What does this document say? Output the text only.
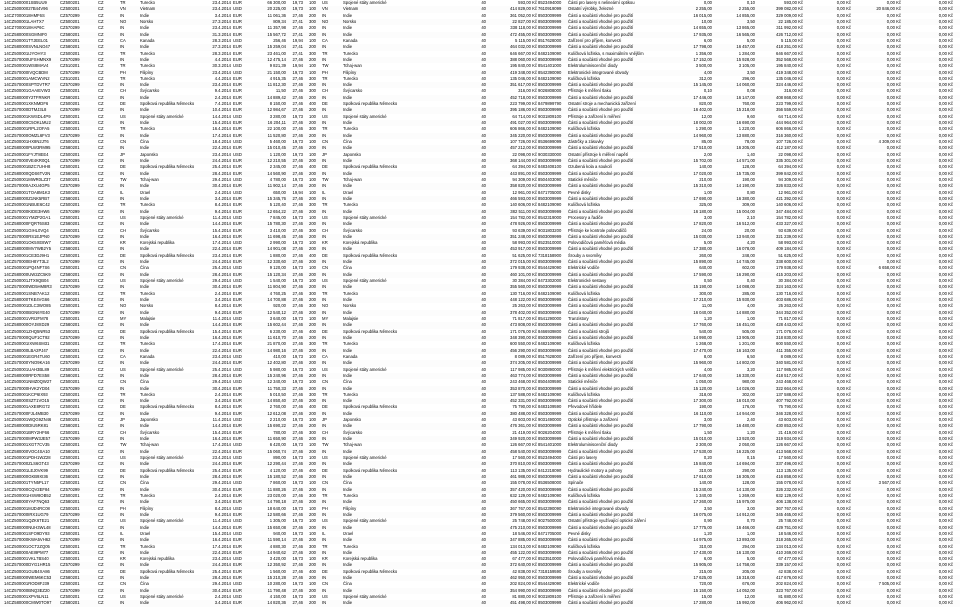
14CZ5000001SB5UU9	CZ500201	CZ	TR	Turecko	23.4.2014 EUR	66 300,00	19,73	100 US	Spojené státy americké	40	593,00 Kč 8523494000	Části pro lasery s nelineární optikou	0,00	0,10	593,00 Kč	0,00 Kč	0,00 Kč	0,00 Kč
14CZ50000027B44V96	CZ500201	CZ	VN	Vietnam	23.4.2014 USD	20 225,00	19,73	100 VN	Vietnam	40	414 829,00 Kč 7610919099	Ostatní výrobky, železné	2 255,00	2 255,00	399 082,00 Kč	0,00 Kč	20 846,00 Kč	0,00 Kč
14CZ7000018HMF6S	CZ570299	CZ	IN	Indie	3.4.2014 EUR	11 061,36	27,46	200 IN	Indie	40	361 052,00 Kč 8503009999	Části a součásti vhodné pro použití	16 015,00	14 855,00	329 009,00 Kč	0,00 Kč	0,00 Kč	0,00 Kč
14CZ500001LAHTX7	CZ500201	CZ	NO	Norsko	27.3.2014 EUR	809,34	27,41	300 NO	Norsko	40	22 827,00 Kč 8503009999	Části a součásti vhodné pro použití	10,00	3,50	22 185,00 Kč	0,00 Kč	0,00 Kč	0,00 Kč
14CZ7000018HAP6C	CZ570299	CZ	IN	Indie	23.4.2014 EUR	11 357,98	27,46	200 IN	Indie	40	338 118,00 Kč 8503009999	Části a součásti vhodné pro použití	14 655,00	13 865,00	311 992,00 Kč	0,00 Kč	0,00 Kč	0,00 Kč
14CZ580000SGMNIF0	CZ580201	CZ	IN	Indie	31.3.2014 EUR	15 567,72	27,41	200 IN	Indie	40	472 455,00 Kč 8503009999	Části a součásti vhodné pro použití	17 935,00	16 565,00	426 712,00 Kč	0,00 Kč	0,00 Kč	0,00 Kč
14CZ500001TTJEEL01	CZ500201	CZ	CA	Kanada	28.3.2014 USD	256,46	19,94	100 CA	Kanada	40	5 115,00 Kč 8517628000	Zařízení pro příjem, konverzi	6,00	5,00	5 115,00 Kč	0,00 Kč	0,00 Kč	0,00 Kč
14CZ580000SVNLNO47	CZ580201	CZ	IN	Indie	27.3.2014 EUR	15 259,04	27,41	200 IN	Indie	40	464 032,00 Kč 8503009999	Části a součásti vhodné pro použití	17 798,00	16 457,00	418 251,00 Kč	0,00 Kč	0,00 Kč	0,00 Kč
14CZ500001IJYOHY3	CZ500201	CZ	TR	Turecko	28.3.2014 EUR	23 461,00	27,41	300 TR	Turecko	40	646 667,00 Kč 8482109090	Kuličková ložiska, s maximálním vnějším	1 356,00	1 284,00	646 667,00 Kč	0,00 Kč	0,00 Kč	0,00 Kč
14CZ570000UFSHMNX9	CZ570299	CZ	IN	Indie	4.4.2014 EUR	12 475,14	27,46	200 IN	Indie	40	388 060,00 Kč 8503009999	Části a součásti vhodné pro použití	17 152,00	15 928,00	352 568,00 Kč	0,00 Kč	0,00 Kč	0,00 Kč
14CZ500001WS8MAV4	CZ510201	CZ	TR	Turecko	30.3.2014 USD	9 821,39	19,94	100 TW	Tchaj-wan	40	195 840,00 Kč 8541401000	Elektroluminiscenční diody	3 500,00	3 105,00	195 840,00 Kč	0,00 Kč	0,00 Kč	0,00 Kč
14CZ570000IVQCBDM	CZ570299	CZ	PH	Filipíny	23.4.2014 USD	21 150,00	19,73	100 PH	Filipíny	40	419 348,00 Kč 8542390090	Elektronické integrované obvody	4,00	3,50	419 348,00 Kč	0,00 Kč	0,00 Kč	0,00 Kč
14CZ500001AMCWVN2	CZ510201	CZ	TR	Turecko	4.4.2014 EUR	4 915,35	27,46	300 TR	Turecko	40	135 046,00 Kč 8482109090	Kuličková ložiska	312,00	296,00	135 046,00 Kč	0,00 Kč	0,00 Kč	0,00 Kč
14CZ570000SPTDVTR7	CZ570299	CZ	IN	Indie	23.4.2014 EUR	11 812,30	27,46	200 IN	Indie	40	351 617,00 Kč 8503009999	Části a součásti vhodné pro použití	15 145,00	14 060,00	324 446,00 Kč	0,00 Kč	0,00 Kč	0,00 Kč
14CZ500001GAAIEVW3	CZ500201	CZ	CH	Švýcarsko	9.4.2014 EUR	11,50	27,46	300 CH	Švýcarsko	40	316,00 Kč 9026808000	Přístroje k měření tlaku	0,10	0,08	316,00 Kč	0,00 Kč	0,00 Kč	0,00 Kč
14CZ580000Y2TFRNKR	CZ580201	CZ	IN	Indie	2.4.2014 EUR	14 889,42	27,46	200 IN	Indie	40	452 718,00 Kč 8503009999	Části a součásti vhodné pro použití	17 446,00	16 147,00	408 868,00 Kč	0,00 Kč	0,00 Kč	0,00 Kč
14CZ500001XKNMDF6	CZ500201	CZ	DE	Spolková republika Německo	7.4.2014 EUR	8 150,00	27,46	400 DE	Spolková republika Německo	40	223 799,00 Kč 8479899790	Ostatní stroje a mechanická zařízení	820,00	760,00	223 799,00 Kč	0,00 Kč	0,00 Kč	0,00 Kč
14CZ570000DTMJ3L8	CZ570299	CZ	IN	Indie	10.4.2014 EUR	12 984,67	27,46	200 IN	Indie	40	395 186,00 Kč 8503009999	Části a součásti vhodné pro použití	16 402,00	15 218,00	356 559,00 Kč	0,00 Kč	0,00 Kč	0,00 Kč
14CZ500001KWSDL4P9	CZ500201	CZ	US	Spojené státy americké	14.4.2014 USD	3 280,00	19,73	100 US	Spojené státy americké	40	64 714,00 Kč 9031809100	Přístroje a zařízení k měření	12,00	9,60	64 714,00 Kč	0,00 Kč	0,00 Kč	0,00 Kč
14CZ580000C5OKLMU2	CZ580201	CZ	IN	Indie	15.4.2014 EUR	16 204,11	27,46	200 IN	Indie	40	491 027,00 Kč 8503009999	Části a součásti vhodné pro použití	18 002,00	16 690,00	444 964,00 Kč	0,00 Kč	0,00 Kč	0,00 Kč
14CZ500001RPL2OFA5	CZ500201	CZ	TR	Turecko	16.4.2014 EUR	22 100,00	27,46	300 TR	Turecko	40	606 866,00 Kč 8482109090	Kuličková ložiska	1 290,00	1 220,00	606 866,00 Kč	0,00 Kč	0,00 Kč	0,00 Kč
14CZ570000OMZL6FV3	CZ570299	CZ	IN	Indie	17.4.2014 EUR	11 520,80	27,46	200 IN	Indie	40	345 220,00 Kč 8503009999	Části a součásti vhodné pro použití	14 960,00	13 880,00	316 360,00 Kč	0,00 Kč	0,00 Kč	0,00 Kč
14CZ500001HX8N2JT6	CZ500201	CZ	CN	Čína	18.4.2014 USD	5 460,00	19,73	100 CN	Čína	40	107 726,00 Kč 8536699099	Zástrčky a zásuvky	85,00	78,00	107 726,00 Kč	0,00 Kč	4 309,00 Kč	0,00 Kč
14CZ580000PLW3RM95	CZ580201	CZ	IN	Indie	22.4.2014 EUR	15 010,45	27,46	200 IN	Indie	40	457 212,00 Kč 8503009999	Části a součásti vhodné pro použití	17 510,00	16 205,00	412 187,00 Kč	0,00 Kč	0,00 Kč	0,00 Kč
14CZ500001FYJT8EE4	CZ500201	CZ	JP	Japonsko	23.4.2014 USD	1 120,00	19,73	100 JP	Japonsko	40	22 098,00 Kč 9030330000	Ostatní přístroje k měření napětí	2,00	1,40	22 098,00 Kč	0,00 Kč	0,00 Kč	0,00 Kč
14CZ570000VE4KR0Q1	CZ570299	CZ	IN	Indie	24.4.2014 EUR	12 210,55	27,46	200 IN	Indie	40	368 144,00 Kč 8503009999	Části a součásti vhodné pro použití	15 702,00	14 571,00	335 301,00 Kč	0,00 Kč	0,00 Kč	0,00 Kč
14CZ500001BZC7UHH8	CZ500201	CZ	DE	Spolková republika Německo	25.4.2014 EUR	2 345,00	27,46	400 DE	Spolková republika Německo	40	64 394,00 Kč 8483408100	Ozubená kola a soukolí	140,00	128,00	64 394,00 Kč	0,00 Kč	0,00 Kč	0,00 Kč
14CZ580000QDS6TV2N	CZ580201	CZ	IN	Indie	28.4.2014 EUR	14 560,90	27,46	200 IN	Indie	40	443 891,00 Kč 8503009999	Části a součásti vhodné pro použití	17 020,00	15 735,00	399 842,00 Kč	0,00 Kč	0,00 Kč	0,00 Kč
14CZ500001MWR0LZ37	CZ500201	CZ	TW	Tchaj-wan	29.4.2014 USD	4 780,00	19,73	100 TW	Tchaj-wan	40	94 309,00 Kč 8504403090	Statické měniče	210,00	190,00	94 309,00 Kč	0,00 Kč	0,00 Kč	0,00 Kč
14CZ570000AJXU4GP5	CZ570299	CZ	IN	Indie	30.4.2014 EUR	11 902,14	27,46	200 IN	Indie	40	358 820,00 Kč 8503009999	Části a součásti vhodné pro použití	15 310,00	14 190,00	326 833,00 Kč	0,00 Kč	0,00 Kč	0,00 Kč
14CZ500001TOA8M1K3	CZ500201	CZ	IL	Izrael	2.4.2014 USD	650,00	19,94	100 IL	Izrael	40	12 961,00 Kč 8471705000	Pevné disky	1,00	0,80	12 961,00 Kč	0,00 Kč	0,00 Kč	0,00 Kč
14CZ580000Z1NK5RB7	CZ580201	CZ	IN	Indie	3.4.2014 EUR	15 345,76	27,46	200 IN	Indie	40	466 593,00 Kč 8503009999	Části a součásti vhodné pro použití	17 690,00	16 380,00	421 392,00 Kč	0,00 Kč	0,00 Kč	0,00 Kč
14CZ500001NBUE6C42	CZ500201	CZ	TR	Turecko	8.4.2014 EUR	5 120,40	27,46	300 TR	Turecko	40	140 606,00 Kč 8482109090	Kuličková ložiska	325,00	309,00	140 606,00 Kč	0,00 Kč	0,00 Kč	0,00 Kč
14CZ570000KIDE3HW6	CZ570299	CZ	IN	Indie	9.4.2014 EUR	12 654,22	27,46	200 IN	Indie	40	382 511,00 Kč 8503009999	Části a součásti vhodné pro použití	16 180,00	15 004,00	347 484,00 Kč	0,00 Kč	0,00 Kč	0,00 Kč
14CZ500001YMZP2GA1	CZ500201	CZ	US	Spojené státy americké	11.4.2014 USD	7 845,00	19,73	100 US	Spojené státy americké	40	154 782,00 Kč 8542319000	Procesory a řadiče	3,00	2,10	154 782,00 Kč	0,00 Kč	0,00 Kč	0,00 Kč
14CZ580000FQRT6S83	CZ580201	CZ	IN	Indie	14.4.2014 EUR	15 780,30	27,46	200 IN	Indie	40	478 926,00 Kč 8503009999	Části a součásti vhodné pro použití	17 820,00	16 512,00	433 327,00 Kč	0,00 Kč	0,00 Kč	0,00 Kč
14CZ500001GIHL0VQ4	CZ500201	CZ	CH	Švýcarsko	15.4.2014 EUR	3 410,00	27,46	300 CH	Švýcarsko	40	93 639,00 Kč 9031803200	Přístroje ke kontrole polovodičů	24,00	20,00	93 639,00 Kč	0,00 Kč	0,00 Kč	0,00 Kč
14CZ570000RS1EJPN0	CZ570299	CZ	IN	Indie	16.4.2014 EUR	11 698,45	27,46	200 IN	Indie	40	351 248,00 Kč 8503009999	Části a součásti vhodné pro použití	15 030,00	13 940,00	321 239,00 Kč	0,00 Kč	0,00 Kč	0,00 Kč
14CZ500001OK5XE8W7	CZ500201	CZ	KR	Korejská republika	17.4.2014 USD	2 990,00	19,73	100 KR	Korejská republika	40	58 993,00 Kč 8523510000	Polovodičová paměťová média	5,00	4,20	58 993,00 Kč	0,00 Kč	0,00 Kč	0,00 Kč
14CZ580000MV7WB2Y5	CZ580201	CZ	IN	Indie	22.4.2014 EUR	14 901,08	27,46	200 IN	Indie	40	453 917,00 Kč 8503009999	Části a součásti vhodné pro použití	17 380,00	16 078,00	409 184,00 Kč	0,00 Kč	0,00 Kč	0,00 Kč
14CZ500001CE3DJ9H1	CZ500201	CZ	DE	Spolková republika Německo	23.4.2014 EUR	1 880,00	27,46	400 DE	Spolková republika Německo	40	51 625,00 Kč 7318158900	Šrouby a svorníky	260,00	248,00	51 625,00 Kč	0,00 Kč	0,00 Kč	0,00 Kč
14CZ570000EH8YT3L2	CZ570299	CZ	IN	Indie	24.4.2014 EUR	12 330,60	27,46	200 IN	Indie	40	372 015,00 Kč 8503009999	Části a součásti vhodné pro použití	15 890,00	14 745,00	338 600,00 Kč	0,00 Kč	0,00 Kč	0,00 Kč
14CZ500001PQ4NF7S6	CZ500201	CZ	CN	Čína	25.4.2014 USD	9 120,00	19,73	100 CN	Čína	40	179 938,00 Kč 8544429090	Elektrické vodiče	640,00	602,00	179 938,00 Kč	0,00 Kč	6 658,00 Kč	0,00 Kč
14CZ580000UW2ZC5K9	CZ580201	CZ	IN	Indie	28.4.2014 EUR	15 120,34	27,46	200 IN	Indie	40	460 101,00 Kč 8503009999	Části a součásti vhodné pro použití	17 590,00	16 290,00	415 203,00 Kč	0,00 Kč	0,00 Kč	0,00 Kč
14CZ500001JTX9QB04	CZ500201	CZ	US	Spojené státy americké	29.4.2014 USD	1 540,00	19,73	100 US	Spojené státy americké	40	30 384,00 Kč 8473302000	Elektronické sestavy	0,50	0,40	30 384,00 Kč	0,00 Kč	0,00 Kč	0,00 Kč
14CZ570000WD5HM8R3	CZ570299	CZ	IN	Indie	30.4.2014 EUR	11 804,90	27,46	200 IN	Indie	40	355 560,00 Kč 8503009999	Části a součásti vhodné pro použití	15 190,00	14 088,00	324 163,00 Kč	0,00 Kč	0,00 Kč	0,00 Kč
14CZ500001SNB7AK12	CZ500201	CZ	TR	Turecko	2.4.2014 EUR	4 760,25	27,46	300 TR	Turecko	40	130 716,00 Kč 8482109090	Kuličková ložiska	300,00	285,00	130 716,00 Kč	0,00 Kč	0,00 Kč	0,00 Kč
14CZ580000TKE4VG66	CZ580201	CZ	IN	Indie	3.4.2014 EUR	14 700,88	27,46	200 IN	Indie	40	448 122,00 Kč 8503009999	Části a součásti vhodné pro použití	17 210,00	15 930,00	403 686,00 Kč	0,00 Kč	0,00 Kč	0,00 Kč
14CZ500001DLC3WO85	CZ500201	CZ	NO	Norsko	8.4.2014 EUR	920,00	27,46	300 NO	Norsko	40	25 263,00 Kč 8503009999	Části a součásti vhodné pro použití	11,00	4,00	25 263,00 Kč	0,00 Kč	0,00 Kč	0,00 Kč
14CZ570000BGN6YE40	CZ570299	CZ	IN	Indie	9.4.2014 EUR	12 540,12	27,46	200 IN	Indie	40	378 402,00 Kč 8503009999	Části a součásti vhodné pro použití	16 040,00	14 880,00	344 352,00 Kč	0,00 Kč	0,00 Kč	0,00 Kč
14CZ500001VRI2FM78	CZ500201	CZ	MY	Malajsie	11.4.2014 USD	3 640,00	19,73	100 MY	Malajsie	40	71 817,00 Kč 8541290000	Tranzistory	1,20	1,00	71 817,00 Kč	0,00 Kč	0,00 Kč	0,00 Kč
14CZ580000OYJ8XD29	CZ580201	CZ	IN	Indie	14.4.2014 EUR	15 602,44	27,46	200 IN	Indie	40	473 808,00 Kč 8503009999	Části a součásti vhodné pro použití	17 760,00	16 451,00	428 443,00 Kč	0,00 Kč	0,00 Kč	0,00 Kč
14CZ500001ZHQ5NR53	CZ500201	CZ	DE	Spolková republika Německo	15.4.2014 EUR	6 230,00	27,46	400 DE	Spolková republika Německo	40	171 076,00 Kč 8466939800	Části a součásti strojů	540,00	505,00	171 076,00 Kč	0,00 Kč	0,00 Kč	0,00 Kč
14CZ570000QUF1CT92	CZ570299	CZ	IN	Indie	16.4.2014 EUR	11 610,70	27,46	200 IN	Indie	40	348 390,00 Kč 8503009999	Části a součásti vhodné pro použití	14 990,00	13 905,00	318 830,00 Kč	0,00 Kč	0,00 Kč	0,00 Kč
14CZ500001IXW6SM31	CZ500201	CZ	TR	Turecko	17.4.2014 EUR	21 870,00	27,46	300 TR	Turecko	40	600 550,00 Kč 8482109090	Kuličková ložiska	1 268,00	1 201,00	600 550,00 Kč	0,00 Kč	0,00 Kč	0,00 Kč
14CZ580000LBA2PJ47	CZ580201	CZ	IN	Indie	22.4.2014 EUR	14 980,16	27,46	200 IN	Indie	40	456 290,00 Kč 8503009999	Části a součásti vhodné pro použití	17 470,00	16 163,00	411 355,00 Kč	0,00 Kč	0,00 Kč	0,00 Kč
14CZ500001EGR4TU60	CZ500201	CZ	CA	Kanada	23.4.2014 USD	410,00	19,73	100 CA	Kanada	40	8 089,00 Kč 8517628000	Zařízení pro příjem, konverzi	8,00	6,50	8 089,00 Kč	0,00 Kč	0,00 Kč	0,00 Kč
14CZ570000YNO9KA16	CZ570299	CZ	IN	Indie	24.4.2014 EUR	12 402,80	27,46	200 IN	Indie	40	374 205,00 Kč 8503009999	Části a součásti vhodné pro použití	15 960,00	14 802,00	340 581,00 Kč	0,00 Kč	0,00 Kč	0,00 Kč
14CZ500001UAH3BL89	CZ500201	CZ	US	Spojené státy americké	25.4.2014 USD	5 980,00	19,73	100 US	Spojené státy americké	40	117 985,00 Kč 9030890000	Přístroje k měření elektrických veličin	4,00	3,20	117 985,00 Kč	0,00 Kč	0,00 Kč	0,00 Kč
14CZ580000RFD7ES58	CZ580201	CZ	IN	Indie	28.4.2014 EUR	15 240,96	27,46	200 IN	Indie	40	463 774,00 Kč 8503009999	Části a součásti vhodné pro použití	17 640,00	16 330,00	418 517,00 Kč	0,00 Kč	0,00 Kč	0,00 Kč
14CZ500001NMZ0QW27	CZ500201	CZ	CN	Čína	29.4.2014 USD	12 340,00	19,73	100 CN	Čína	40	243 468,00 Kč 8504409590	Statické měniče	1 050,00	980,00	243 468,00 Kč	0,00 Kč	0,00 Kč	0,00 Kč
14CZ570000HVK2YD04	CZ570299	CZ	IN	Indie	30.4.2014 EUR	11 750,33	27,46	200 IN	Indie	40	353 870,00 Kč 8503009999	Části a součásti vhodné pro použití	15 120,00	14 026,00	322 664,00 Kč	0,00 Kč	0,00 Kč	0,00 Kč
14CZ500001KCP6IX93	CZ500201	CZ	TR	Turecko	2.4.2014 EUR	5 010,50	27,46	300 TR	Turecko	40	137 588,00 Kč 8482109090	Kuličková ložiska	318,00	302,00	137 588,00 Kč	0,00 Kč	0,00 Kč	0,00 Kč
14CZ580000SZT1VO15	CZ580201	CZ	IN	Indie	3.4.2014 EUR	14 850,40	27,46	200 IN	Indie	40	452 331,00 Kč 8503009999	Části a součásti vhodné pro použití	17 300,00	16 010,00	407 792,00 Kč	0,00 Kč	0,00 Kč	0,00 Kč
14CZ500001AXE8RG72	CZ500201	CZ	DE	Spolková republika Německo	8.4.2014 EUR	2 760,00	27,46	400 DE	Spolková republika Německo	40	75 790,00 Kč 8483109590	Převodové hřídele	190,00	176,00	75 790,00 Kč	0,00 Kč	0,00 Kč	0,00 Kč
14CZ570000FJL4MB30	CZ570299	CZ	IN	Indie	9.4.2014 EUR	12 612,08	27,46	200 IN	Indie	40	380 488,00 Kč 8503009999	Části a součásti vhodné pro použití	16 110,00	14 944,00	346 328,00 Kč	0,00 Kč	0,00 Kč	0,00 Kč
14CZ500001WQG9ZN46	CZ500201	CZ	JP	Japonsko	11.4.2014 USD	2 210,00	19,73	100 JP	Japonsko	40	43 603,00 Kč 9031490000	Optické přístroje a zařízení	3,00	2,40	43 603,00 Kč	0,00 Kč	0,00 Kč	0,00 Kč
14CZ580000DIU5RK81	CZ580201	CZ	IN	Indie	14.4.2014 EUR	15 690,22	27,46	200 IN	Indie	40	476 361,00 Kč 8503009999	Části a součásti vhodné pro použití	17 790,00	16 480,00	430 853,00 Kč	0,00 Kč	0,00 Kč	0,00 Kč
14CZ500001BRY2HF66	CZ500201	CZ	CH	Švýcarsko	15.4.2014 EUR	780,00	27,46	300 CH	Švýcarsko	40	21 419,00 Kč 9026204000	Přístroje k měření tlaku	1,50	1,20	21 419,00 Kč	0,00 Kč	0,00 Kč	0,00 Kč
14CZ570000MPW3JE57	CZ570299	CZ	IN	Indie	16.4.2014 EUR	11 650,90	27,46	200 IN	Indie	40	349 920,00 Kč 8503009999	Části a součásti vhodné pro použití	15 010,00	13 920,00	319 934,00 Kč	0,00 Kč	0,00 Kč	0,00 Kč
14CZ500001XGT7CV35	CZ500201	CZ	TW	Tchaj-wan	17.4.2014 USD	6 420,00	19,73	100 TW	Tchaj-wan	40	126 667,00 Kč 8541401000	Elektroluminiscenční diody	2 300,00	2 050,00	126 667,00 Kč	0,00 Kč	0,00 Kč	0,00 Kč
14CZ580000VOC4SA10	CZ580201	CZ	IN	Indie	22.4.2014 EUR	15 060,74	27,46	200 IN	Indie	40	458 540,00 Kč 8503009999	Části a součásti vhodné pro použití	17 530,00	16 225,00	413 568,00 Kč	0,00 Kč	0,00 Kč	0,00 Kč
14CZ500001PDH1WZ28	CZ500201	CZ	US	Spojené státy americké	23.4.2014 USD	890,00	19,73	100 US	Spojené státy americké	40	17 560,00 Kč 8523494000	Části pro lasery	0,20	0,15	17 560,00 Kč	0,00 Kč	0,00 Kč	0,00 Kč
14CZ570000ZLS6GT43	CZ570299	CZ	IN	Indie	24.4.2014 EUR	12 290,44	27,46	200 IN	Indie	40	370 810,00 Kč 8503009999	Části a součásti vhodné pro použití	15 840,00	14 694,00	337 496,00 Kč	0,00 Kč	0,00 Kč	0,00 Kč
14CZ500001LEJ0VK99	CZ500201	CZ	DE	Spolková republika Německo	25.4.2014 EUR	4 120,00	27,46	400 DE	Spolková republika Německo	40	113 135,00 Kč 8412218090	Hydraulické motory a pohony	310,00	290,00	113 135,00 Kč	0,00 Kč	0,00 Kč	0,00 Kč
14CZ580000GKB9XI36	CZ580201	CZ	IN	Indie	28.4.2014 EUR	15 180,52	27,46	200 IN	Indie	40	461 988,00 Kč 8503009999	Části a součásti vhodné pro použití	17 610,00	16 305,00	416 858,00 Kč	0,00 Kč	0,00 Kč	0,00 Kč
14CZ500001TYN5PL17	CZ500201	CZ	CN	Čína	29.4.2014 USD	7 860,00	19,73	100 CN	Čína	40	155 078,00 Kč 8536508000	Spínače	140,00	128,00	155 078,00 Kč	0,00 Kč	3 567,00 Kč	0,00 Kč
14CZ570000CQV2EF84	CZ570299	CZ	IN	Indie	30.4.2014 EUR	11 880,26	27,46	200 IN	Indie	40	357 420,00 Kč 8503009999	Části a součásti vhodné pro použití	15 240,00	14 130,00	326 232,00 Kč	0,00 Kč	0,00 Kč	0,00 Kč
14CZ500001HSW8OB52	CZ500201	CZ	TR	Turecko	2.4.2014 EUR	23 020,00	27,46	300 TR	Turecko	40	632 129,00 Kč 8482109090	Kuličková ložiska	1 340,00	1 269,00	632 129,00 Kč	0,00 Kč	0,00 Kč	0,00 Kč
14CZ580000YAF7NQ63	CZ580201	CZ	IN	Indie	3.4.2014 EUR	14 790,18	27,46	200 IN	Indie	40	450 665,00 Kč 8503009999	Části a součásti vhodné pro použití	17 260,00	15 975,00	406 138,00 Kč	0,00 Kč	0,00 Kč	0,00 Kč
14CZ500001MJD4RC08	CZ500201	CZ	PH	Filipíny	8.4.2014 USD	18 640,00	19,73	100 PH	Filipíny	40	367 767,00 Kč 8542390090	Elektronické integrované obvody	3,50	3,00	367 767,00 Kč	0,00 Kč	0,00 Kč	0,00 Kč
14CZ570000IRX1UG79	CZ570299	CZ	IN	Indie	9.4.2014 EUR	12 580,66	27,46	200 IN	Indie	40	379 560,00 Kč 8503009999	Části a součásti vhodné pro použití	16 075,00	14 912,00	345 465,00 Kč	0,00 Kč	0,00 Kč	0,00 Kč
14CZ500001QZK6TE21	CZ500201	CZ	US	Spojené státy americké	11.4.2014 USD	1 305,00	19,73	100 US	Spojené státy americké	40	25 748,00 Kč 9027500000	Ostatní přístroje využívající optické záření	0,90	0,70	25 748,00 Kč	0,00 Kč	0,00 Kč	0,00 Kč
14CZ580000NUH3WL48	CZ580201	CZ	IN	Indie	14.4.2014 EUR	15 650,08	27,46	200 IN	Indie	40	475 210,00 Kč 8503009999	Části a součásti vhodné pro použití	17 775,00	16 466,00	429 751,00 Kč	0,00 Kč	0,00 Kč	0,00 Kč
14CZ500001SFO9DY93	CZ500201	CZ	IL	Izrael	15.4.2014 USD	940,00	19,73	100 IL	Izrael	40	18 546,00 Kč 8471705000	Pevné disky	1,20	1,00	18 546,00 Kč	0,00 Kč	0,00 Kč	0,00 Kč
14CZ570000KWA5VH62	CZ570299	CZ	IN	Indie	16.4.2014 EUR	11 590,14	27,46	200 IN	Indie	40	347 885,00 Kč 8503009999	Části a součásti vhodné pro použití	14 975,00	13 893,00	318 265,00 Kč	0,00 Kč	0,00 Kč	0,00 Kč
14CZ500001OCT2ZQ05	CZ500201	CZ	TR	Turecko	17.4.2014 EUR	4 880,30	27,46	300 TR	Turecko	40	134 013,00 Kč 8482109090	Kuličková ložiska	310,00	294,00	134 013,00 Kč	0,00 Kč	0,00 Kč	0,00 Kč
14CZ580000AEI9PM77	CZ580201	CZ	IN	Indie	22.4.2014 EUR	14 940,62	27,46	200 IN	Indie	40	455 122,00 Kč 8503009999	Části a součásti vhodné pro použití	17 430,00	16 130,00	410 269,00 Kč	0,00 Kč	0,00 Kč	0,00 Kč
14CZ500001VKL7BS40	CZ500201	CZ	KR	Korejská republika	23.4.2014 USD	3 420,00	19,73	100 KR	Korejská republika	40	67 477,00 Kč 8523510000	Polovodičová paměťová média	6,00	5,00	67 477,00 Kč	0,00 Kč	0,00 Kč	0,00 Kč
14CZ570000DYG1HR15	CZ570299	CZ	IN	Indie	24.4.2014 EUR	12 350,92	27,46	200 IN	Indie	40	372 640,00 Kč 8503009999	Části a součásti vhodné pro použití	15 905,00	14 758,00	339 157,00 Kč	0,00 Kč	0,00 Kč	0,00 Kč
14CZ500001GUB4XA86	CZ500201	CZ	DE	Spolková republika Německo	25.4.2014 EUR	1 560,00	27,46	400 DE	Spolková republika Německo	40	42 838,00 Kč 7318159590	Šrouby a svorníky	215,00	205,00	42 838,00 Kč	0,00 Kč	0,00 Kč	0,00 Kč
14CZ580000WEM6KC53	CZ580201	CZ	IN	Indie	28.4.2014 EUR	15 210,28	27,46	200 IN	Indie	40	462 950,00 Kč 8503009999	Části a součásti vhodné pro použití	17 625,00	16 318,00	417 676,00 Kč	0,00 Kč	0,00 Kč	0,00 Kč
14CZ500001ROD8FJ39	CZ500201	CZ	CN	Čína	29.4.2014 USD	10 280,00	19,73	100 CN	Čína	40	202 824,00 Kč 8544429090	Elektrické vodiče	720,00	676,00	202 824,00 Kč	0,00 Kč	7 505,00 Kč	0,00 Kč
14CZ570000BNQ3EZ20	CZ570299	CZ	IN	Indie	30.4.2014 EUR	11 790,48	27,46	200 IN	Indie	40	354 990,00 Kč 8503009999	Části a součásti vhodné pro použití	15 150,00	14 052,00	323 767,00 Kč	0,00 Kč	0,00 Kč	0,00 Kč
14CZ500001XPV6LN11	CZ500201	CZ	US	Spojené státy americké	2.4.2014 USD	4 150,00	19,73	100 US	Spojené státy americké	40	81 880,00 Kč 9031809100	Přístroje a zařízení k měření	15,00	12,00	81 880,00 Kč	0,00 Kč	0,00 Kč	0,00 Kč
14CZ580000CMW0TO97	CZ580201	CZ	IN	Indie	3.4.2014 EUR	14 820,36	27,46	200 IN	Indie	40	451 498,00 Kč 8503009999	Části a součásti vhodné pro použití	17 280,00	15 992,00	406 962,00 Kč	0,00 Kč	0,00 Kč	0,00 Kč
